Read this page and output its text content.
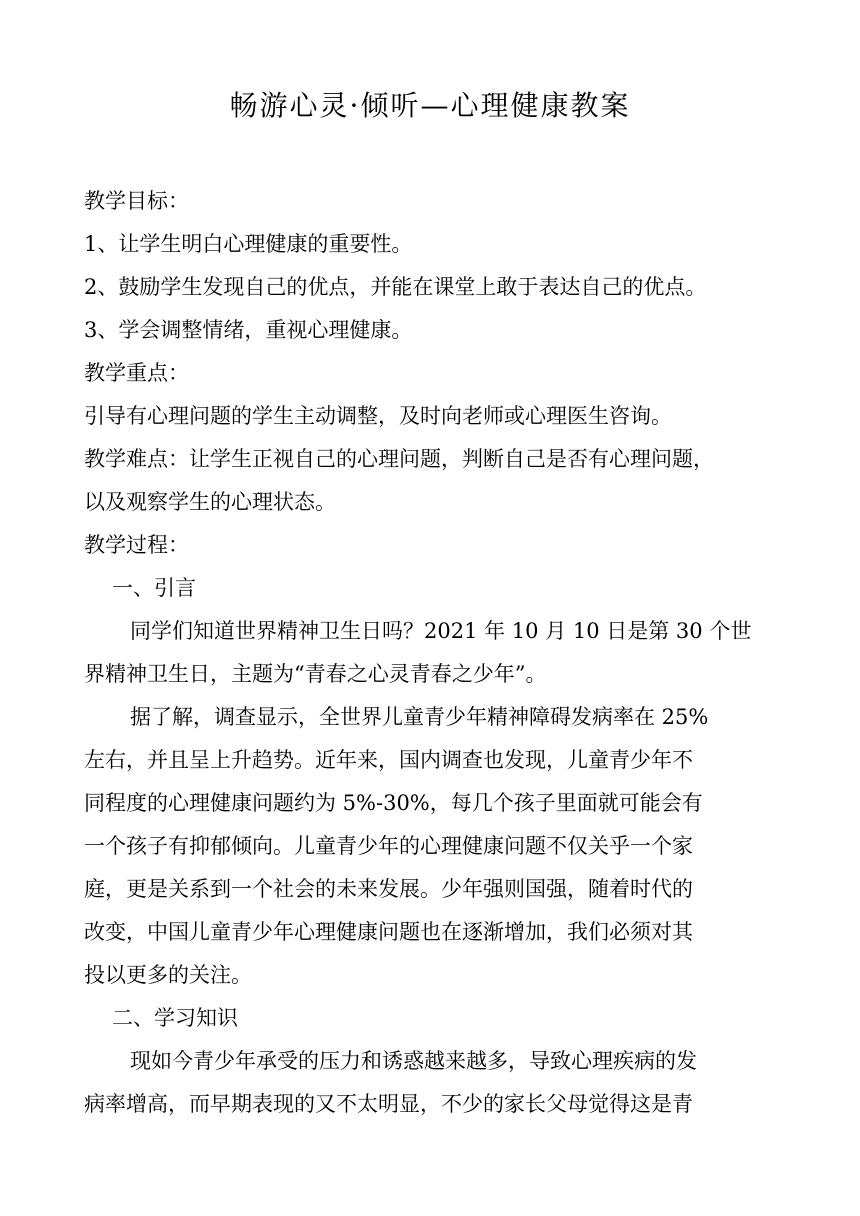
畅游心灵·倾听—心理健康教案
教学目标：
1、让学生明白心理健康的重要性。
2、鼓励学生发现自己的优点，并能在课堂上敢于表达自己的优点。
3、学会调整情绪，重视心理健康。
教学重点：
引导有心理问题的学生主动调整，及时向老师或心理医生咨询。
教学难点：让学生正视自己的心理问题，判断自己是否有心理问题，
以及观察学生的心理状态。
教学过程：
一、引言
同学们知道世界精神卫生日吗？2021 年 10 月 10 日是第 30 个世
界精神卫生日，主题为“青春之心灵青春之少年”。
据了解，调查显示，全世界儿童青少年精神障碍发病率在 25%
左右，并且呈上升趋势。近年来，国内调查也发现，儿童青少年不
同程度的心理健康问题约为 5%-30%，每几个孩子里面就可能会有
一个孩子有抑郁倾向。儿童青少年的心理健康问题不仅关乎一个家
庭，更是关系到一个社会的未来发展。少年强则国强，随着时代的
改变，中国儿童青少年心理健康问题也在逐渐增加，我们必须对其
投以更多的关注。
二、学习知识
现如今青少年承受的压力和诱惑越来越多，导致心理疾病的发
病率增高，而早期表现的又不太明显，不少的家长父母觉得这是青
